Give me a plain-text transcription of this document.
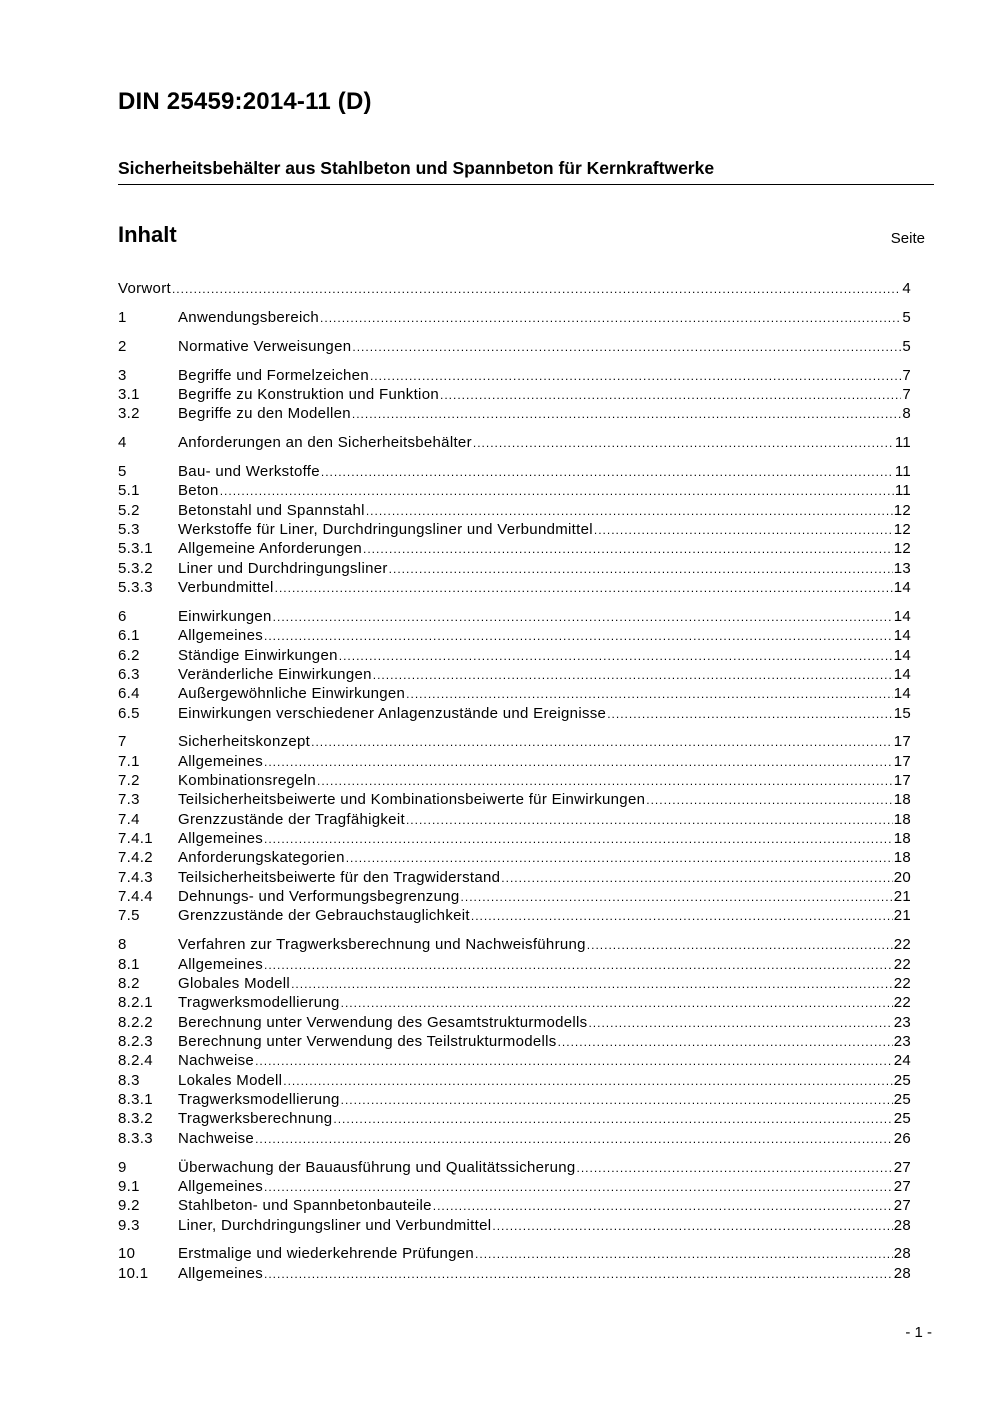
DIN 25459:2014-11 (D)
Sicherheitsbehälter aus Stahlbeton und Spannbeton für Kernkraftwerke
Inhalt	Seite
Vorwort .....	4
1	Anwendungsbereich .....	5
2	Normative Verweisungen .....	5
3	Begriffe und Formelzeichen .....	7
3.1	Begriffe zu Konstruktion und Funktion .....	7
3.2	Begriffe zu den Modellen .....	8
4	Anforderungen an den Sicherheitsbehälter .....	11
5	Bau- und Werkstoffe .....	11
5.1	Beton .....	11
5.2	Betonstahl und Spannstahl .....	12
5.3	Werkstoffe für Liner, Durchdringungsliner und Verbundmittel .....	12
5.3.1	Allgemeine Anforderungen .....	12
5.3.2	Liner und Durchdringungsliner .....	13
5.3.3	Verbundmittel .....	14
6	Einwirkungen .....	14
6.1	Allgemeines .....	14
6.2	Ständige Einwirkungen .....	14
6.3	Veränderliche Einwirkungen .....	14
6.4	Außergewöhnliche Einwirkungen .....	14
6.5	Einwirkungen verschiedener Anlagenzustände und Ereignisse .....	15
7	Sicherheitskonzept .....	17
7.1	Allgemeines .....	17
7.2	Kombinationsregeln .....	17
7.3	Teilsicherheitsbeiwerte und Kombinationsbeiwerte für Einwirkungen .....	18
7.4	Grenzzustände der Tragfähigkeit .....	18
7.4.1	Allgemeines .....	18
7.4.2	Anforderungskategorien .....	18
7.4.3	Teilsicherheitsbeiwerte für den Tragwiderstand .....	20
7.4.4	Dehnungs- und Verformungsbegrenzung .....	21
7.5	Grenzzustände der Gebrauchstauglichkeit .....	21
8	Verfahren zur Tragwerksberechnung und Nachweisführung .....	22
8.1	Allgemeines .....	22
8.2	Globales Modell .....	22
8.2.1	Tragwerksmodellierung .....	22
8.2.2	Berechnung unter Verwendung des Gesamtstrukturmodells .....	23
8.2.3	Berechnung unter Verwendung des Teilstrukturmodells .....	23
8.2.4	Nachweise .....	24
8.3	Lokales Modell .....	25
8.3.1	Tragwerksmodellierung .....	25
8.3.2	Tragwerksberechnung .....	25
8.3.3	Nachweise .....	26
9	Überwachung der Bauausführung und Qualitätssicherung .....	27
9.1	Allgemeines .....	27
9.2	Stahlbeton- und Spannbetonbauteile .....	27
9.3	Liner, Durchdringungsliner und Verbundmittel .....	28
10	Erstmalige und wiederkehrende Prüfungen .....	28
10.1	Allgemeines .....	28
- 1 -
